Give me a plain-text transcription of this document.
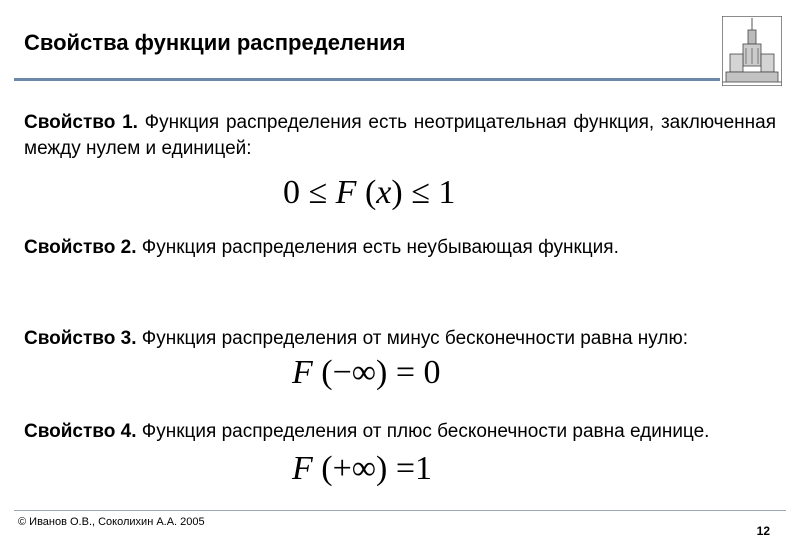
Свойства функции распределения
Свойство 1. Функция распределения есть неотрицательная функция, заключенная между нулем и единицей:
0 ≤ F (x) ≤ 1
Свойство 2. Функция распределения есть неубывающая функция.
Свойство 3. Функция распределения от минус бесконечности равна нулю:
F (−∞) = 0
Свойство 4. Функция распределения от плюс бесконечности равна единице.
F (+∞) =1
© Иванов О.В., Соколихин А.А. 2005
12
